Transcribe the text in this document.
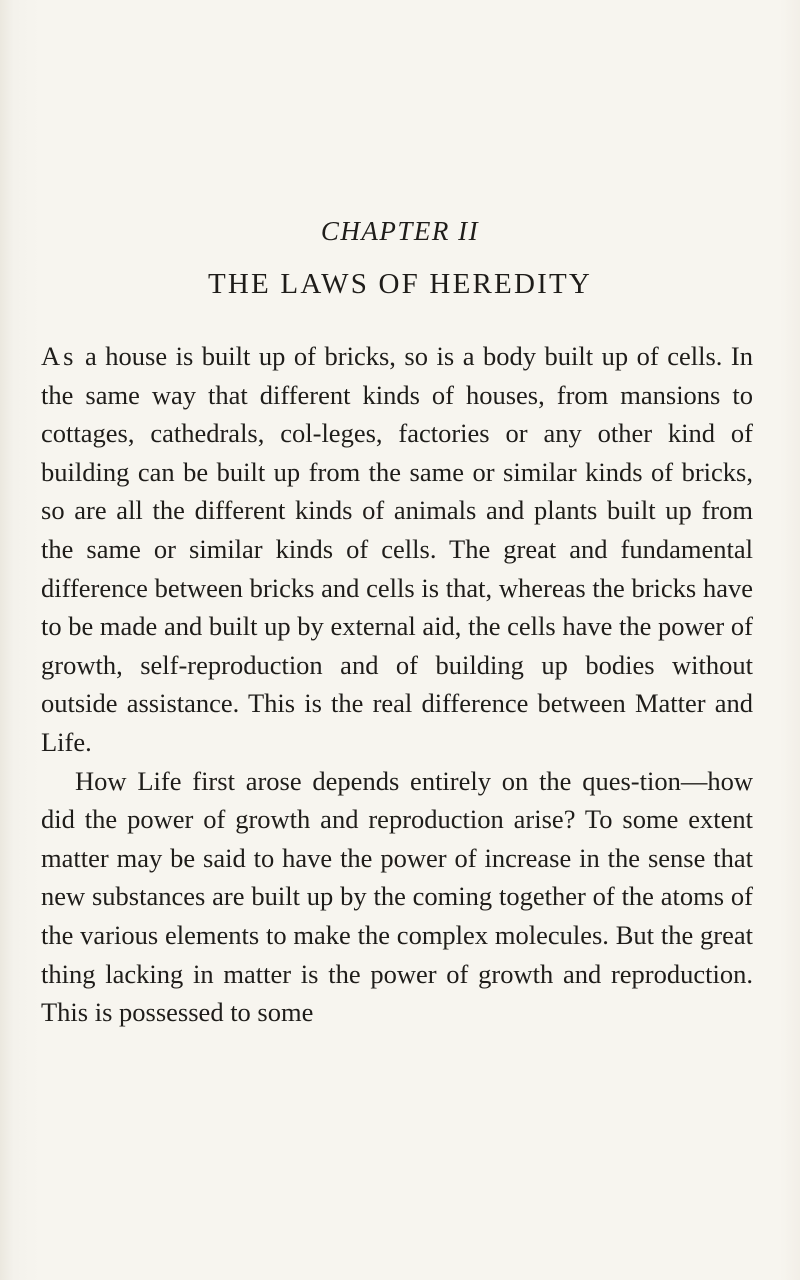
CHAPTER II
THE LAWS OF HEREDITY

As a house is built up of bricks, so is a body built up of cells. In the same way that different kinds of houses, from mansions to cottages, cathedrals, col-leges, factories or any other kind of building can be built up from the same or similar kinds of bricks, so are all the different kinds of animals and plants built up from the same or similar kinds of cells. The great and fundamental difference between bricks and cells is that, whereas the bricks have to be made and built up by external aid, the cells have the power of growth, self-reproduction and of building up bodies without outside assistance. This is the real difference between Matter and Life.

How Life first arose depends entirely on the ques-tion—how did the power of growth and reproduction arise? To some extent matter may be said to have the power of increase in the sense that new substances are built up by the coming together of the atoms of the various elements to make the complex molecules. But the great thing lacking in matter is the power of growth and reproduction. This is possessed to some
